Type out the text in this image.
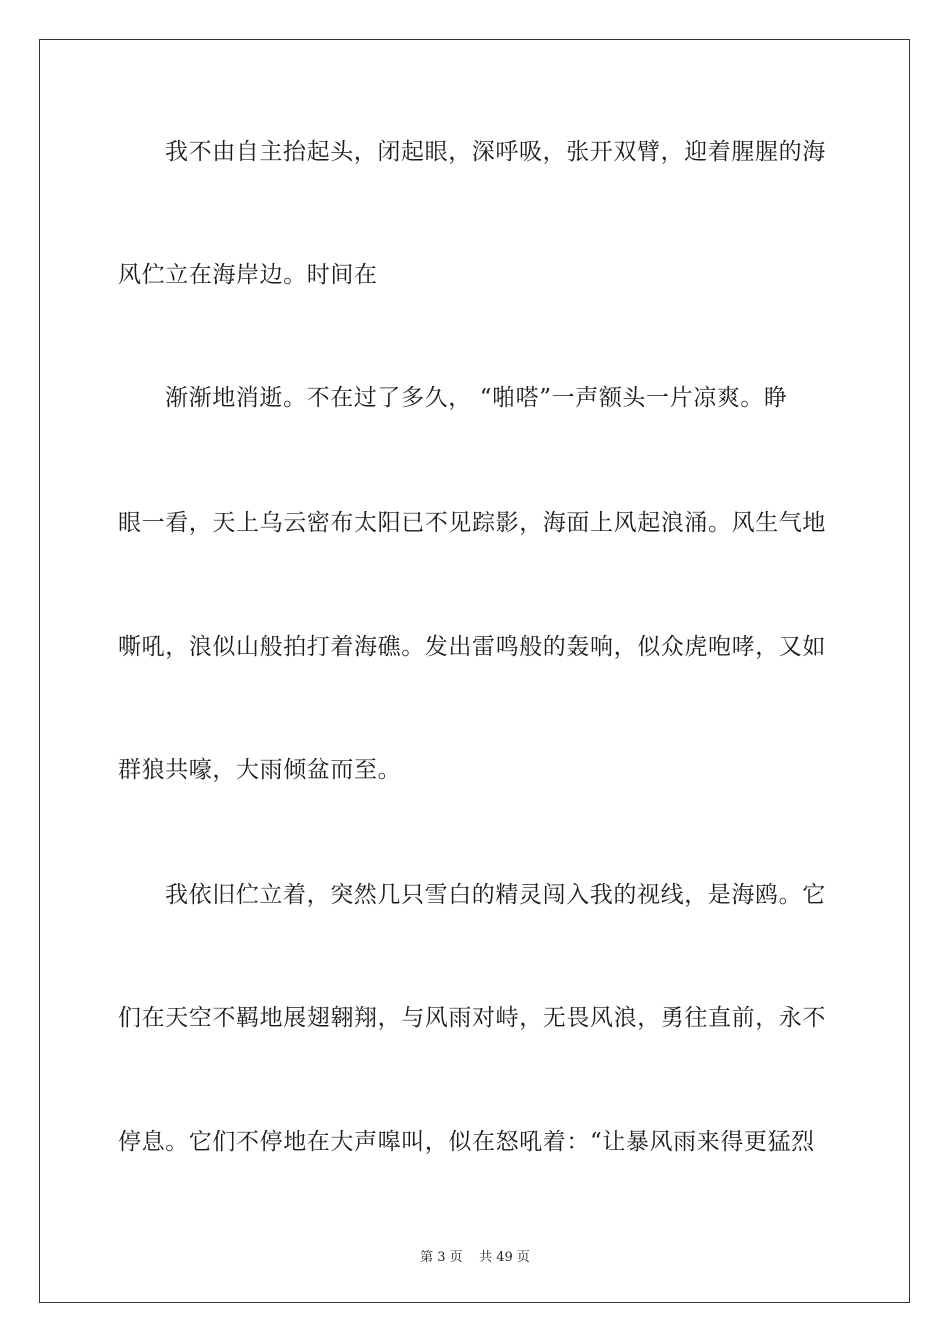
我不由自主抬起头，闭起眼，深呼吸，张开双臂，迎着腥腥的海
风伫立在海岸边。时间在
渐渐地消逝。不在过了多久， “啪嗒”一声额头一片凉爽。睁
眼一看，天上乌云密布太阳已不见踪影，海面上风起浪涌。风生气地
嘶吼，浪似山般拍打着海礁。发出雷鸣般的轰响，似众虎咆哮，又如
群狼共嚎，大雨倾盆而至。
我依旧伫立着，突然几只雪白的精灵闯入我的视线，是海鸥。它
们在天空不羁地展翅翱翔，与风雨对峙，无畏风浪，勇往直前，永不
停息。它们不停地在大声嗥叫，似在怒吼着：“让暴风雨来得更猛烈
第 3 页    共 49 页
